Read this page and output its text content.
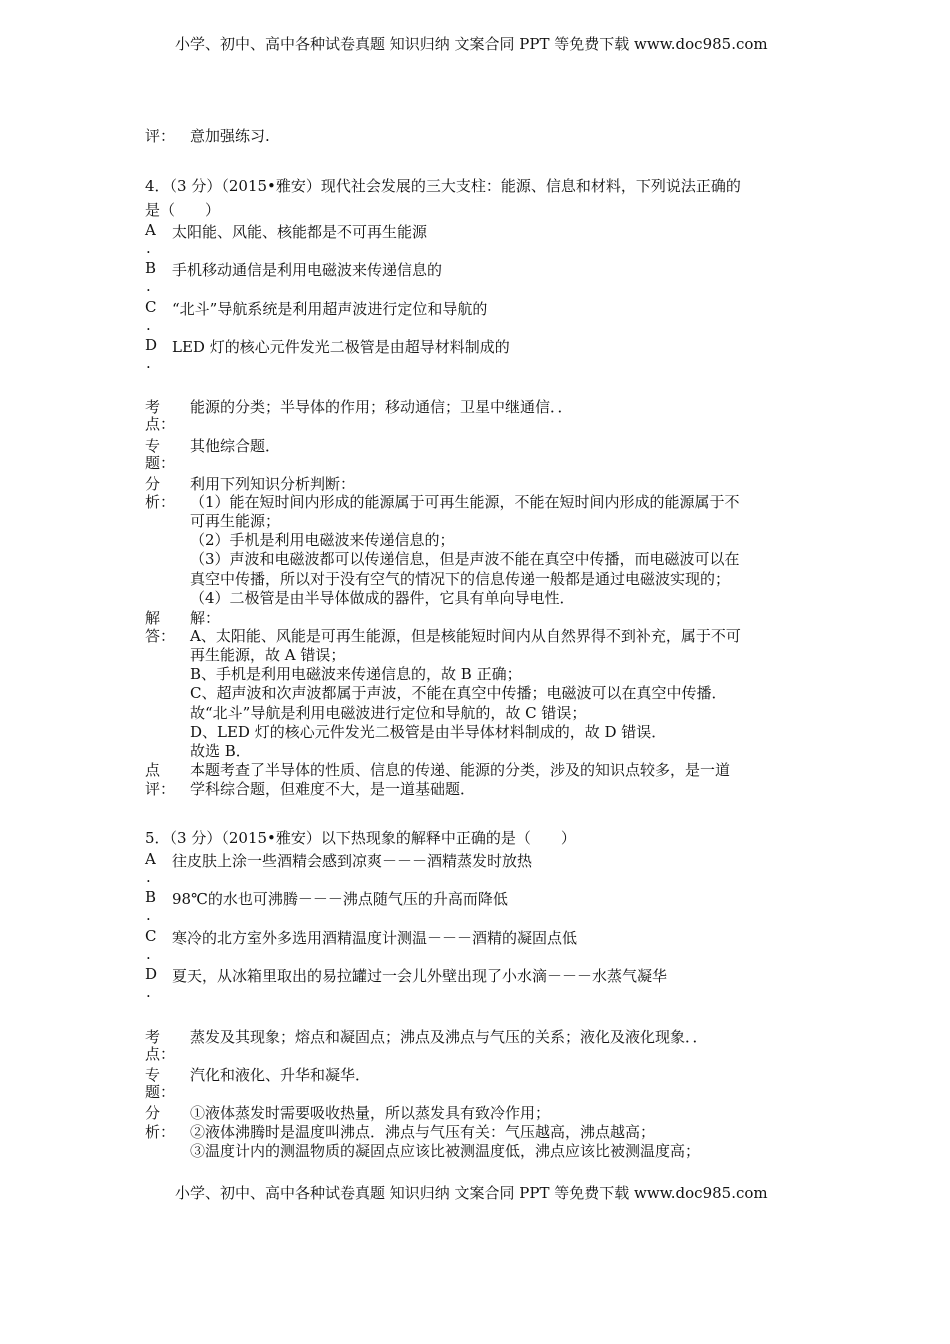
小学、初中、高中各种试卷真题 知识归纳 文案合同 PPT 等免费下载 www.doc985.com
评： 意加强练习.
4．（3 分）（2015•雅安）现代社会发展的三大支柱：能源、信息和材料，下列说法正确的
是（　　）
A 太阳能、风能、核能都是不可再生能源
.
B 手机移动通信是利用电磁波来传递信息的
.
C “北斗”导航系统是利用超声波进行定位和导航的
.
D LED 灯的核心元件发光二极管是由超导材料制成的
.
考
点：
能源的分类；半导体的作用；移动通信；卫星中继通信．．
专
题：
其他综合题．
分
析：
利用下列知识分析判断：
（1）能在短时间内形成的能源属于可再生能源，不能在短时间内形成的能源属于不
可再生能源；
（2）手机是利用电磁波来传递信息的；
（3）声波和电磁波都可以传递信息，但是声波不能在真空中传播，而电磁波可以在
真空中传播，所以对于没有空气的情况下的信息传递一般都是通过电磁波实现的；
（4）二极管是由半导体做成的器件，它具有单向导电性．
解
答：
解：
A、太阳能、风能是可再生能源，但是核能短时间内从自然界得不到补充，属于不可
再生能源，故 A 错误；
B、手机是利用电磁波来传递信息的，故 B 正确；
C、超声波和次声波都属于声波，不能在真空中传播；电磁波可以在真空中传播．
故“北斗”导航是利用电磁波进行定位和导航的，故 C 错误；
D、LED 灯的核心元件发光二极管是由半导体材料制成的，故 D 错误．
故选 B．
点
评：
本题考查了半导体的性质、信息的传递、能源的分类，涉及的知识点较多，是一道
学科综合题，但难度不大，是一道基础题．
5．（3 分）（2015•雅安）以下热现象的解释中正确的是（　　）
A 往皮肤上涂一些酒精会感到凉爽－－－酒精蒸发时放热
.
B 98℃的水也可沸腾－－－沸点随气压的升高而降低
.
C 寒冷的北方室外多选用酒精温度计测温－－－酒精的凝固点低
.
D 夏天，从冰箱里取出的易拉罐过一会儿外壁出现了小水滴－－－水蒸气凝华
.
考
点：
蒸发及其现象；熔点和凝固点；沸点及沸点与气压的关系；液化及液化现象．．
专
题：
汽化和液化、升华和凝华．
分
析：
①液体蒸发时需要吸收热量，所以蒸发具有致冷作用；
②液体沸腾时是温度叫沸点．沸点与气压有关：气压越高，沸点越高；
③温度计内的测温物质的凝固点应该比被测温度低，沸点应该比被测温度高；
小学、初中、高中各种试卷真题 知识归纳 文案合同 PPT 等免费下载 www.doc985.com
